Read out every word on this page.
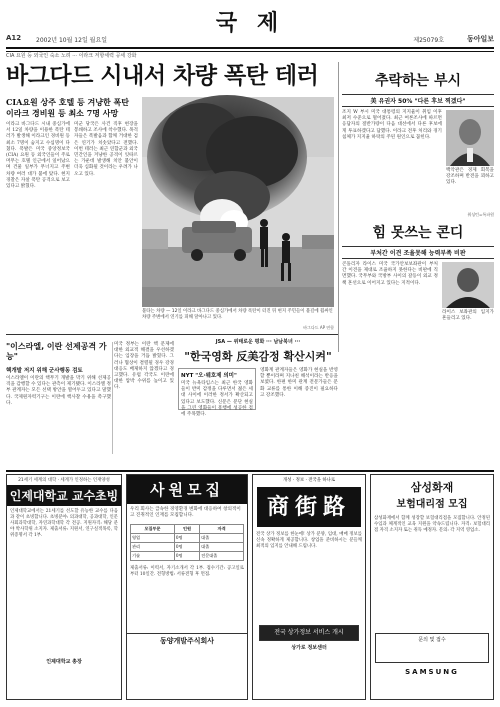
국 제
A12 2002년 10월 12일 월요일	제25079호	동아일보
CIA 요원 등 외국인 숙소 노려 ··· 이라크 저항세력 공세 강화
바그다드 시내서 차량 폭탄 테러
CIA요원 상주 호텔 등 겨냥한 폭탄
이라크 경비원 등 최소 7명 사망
이라크 바그다드 시내 중심가에서 12일 차량을 이용한 폭탄 테러가 발생해 이라크인 경비원 등 최소 7명이 숨지고 수십명이 다쳤다. 폭발은 미국 중앙정보국(CIA) 요원 등 외국인들이 주로 머무는 호텔 인근에서 일어났으며 건물 일부가 무너지고 주변 차량 여러 대가 불에 탔다. 현지 경찰은 자살 폭탄 공격으로 보고 있다고 밝혔다.
미군 당국은 사건 직후 현장을 봉쇄하고 조사에 착수했다. 목격자들은 폭발음과 함께 거대한 검은 연기가 치솟았다고 전했다. 이번 테러는 최근 연합군과 외국 민간인을 겨냥한 공격이 잇따르는 가운데 발생해 치안 불안이 더욱 심화될 것이라는 우려가 나오고 있다.
불타는 차량 — 12일 이라크 바그다드 중심가에서 차량 폭탄이 터진 뒤 현지 주민들이 불길에 휩싸인 차량 주변에서 연기를 피해 달아나고 있다.
바그다드 AP 연합
추락하는 부시
美 유권자 50% "다른 후보 찍겠다"
조지 W 부시 미국 대통령의 지지율이 취임 이후 최저 수준으로 떨어졌다. 최근 여론조사에 따르면 응답자의 절반가량이 다음 대선에서 다른 후보에게 투표하겠다고 답했다. 이라크 전후 처리와 경기 침체가 지지율 하락의 주된 원인으로 꼽힌다.
백악관은 경제 회복을 강조하며 반전을 꾀하고 있다.
워싱턴=특파원
힘 못쓰는 콘디
부처간 이견 조율못해 능력부족 비판
콘돌리자 라이스 미국 국가안보보좌관이 부처 간 이견을 제대로 조율하지 못한다는 비판에 직면했다. 국무부와 국방부 사이의 갈등이 외교 정책 혼선으로 이어지고 있다는 지적이다.
라이스 보좌관의 입지가 흔들리고 있다.
"이스라엘, 이란 선제공격 가능"
핵개발 저지 위해 군사행동 검토
이스라엘이 이란의 핵무기 개발을 막기 위해 선제공격을 감행할 수 있다는 관측이 제기됐다. 이스라엘 정부 관계자는 모든 선택 방안을 열어두고 있다고 말했다. 국제원자력기구는 이란에 핵사찰 수용을 촉구했다.
미국 정부는 이란 핵 문제에 대한 외교적 해결을 우선하겠다는 입장을 거듭 밝혔다. 그러나 협상이 결렬될 경우 강경 대응도 배제하지 않겠다고 경고했다. 유럽 각국도 이란에 대한 압박 수위를 높이고 있다.
JSA — 위태로운 평화 ··· 남남북녀 ···
"한국영화 反美감정 확산시켜"
NYT "오·웨호제 의미"
미국 뉴욕타임스는 최근 한국 영화들이 반미 감정을 다루면서 젊은 세대 사이에 이러한 정서가 확산되고 있다고 보도했다. 신문은 분단 현실을 그린 영화들이 흥행에 성공한 점에 주목했다.
영화계 관계자들은 영화가 현실을 반영할 뿐이라며 지나친 해석이라는 반응을 보였다. 한편 한미 관계 전문가들은 문화 교류를 통한 이해 증진이 필요하다고 강조했다.
21세기 세계의 대학 · 세계가 인정하는 인재양성
인제대학교 교수초빙
인제대학교에서는 21세기를 선도할 유능한 교수를 다음과 같이 초빙합니다. 초빙분야: 의과대학, 공과대학, 인문사회과학대학, 자연과학대학 각 전공. 지원자격: 해당 분야 박사학위 소지자. 제출서류: 지원서, 연구실적목록, 학위증명서 각 1부.
인제대학교 총장
사원모집
우리 회사는 급속한 경영환경 변화에 대응하여 창의적이고 진취적인 인재를 모집합니다.
모집부문	인원	자격
영업	0명	대졸
관리	0명	대졸
기술	0명	전문대졸
제출서류: 이력서, 자기소개서 각 1부. 접수기간: 공고일로부터 10일간. 전형방법: 서류전형 후 면접.
동양개발주식회사
개성 · 정보 · 전국을 하나로
商街路
전국 상가 정보를 한눈에! 상가 분양, 임대, 매매 정보를 신속 정확하게 제공합니다. 창업을 준비하시는 분들께 최적의 입지를 안내해 드립니다.
전국 상가정보 서비스 개시
상가로 정보센터
삼성화재
보험대리점 모집
삼성화재에서 함께 성장할 보험대리점을 모집합니다. 안정된 수입과 체계적인 교육 지원을 약속드립니다. 자격: 보험대리점 자격 소지자 또는 취득 예정자. 문의: 각 지역 영업소.
문의 및 접수
SAMSUNG
